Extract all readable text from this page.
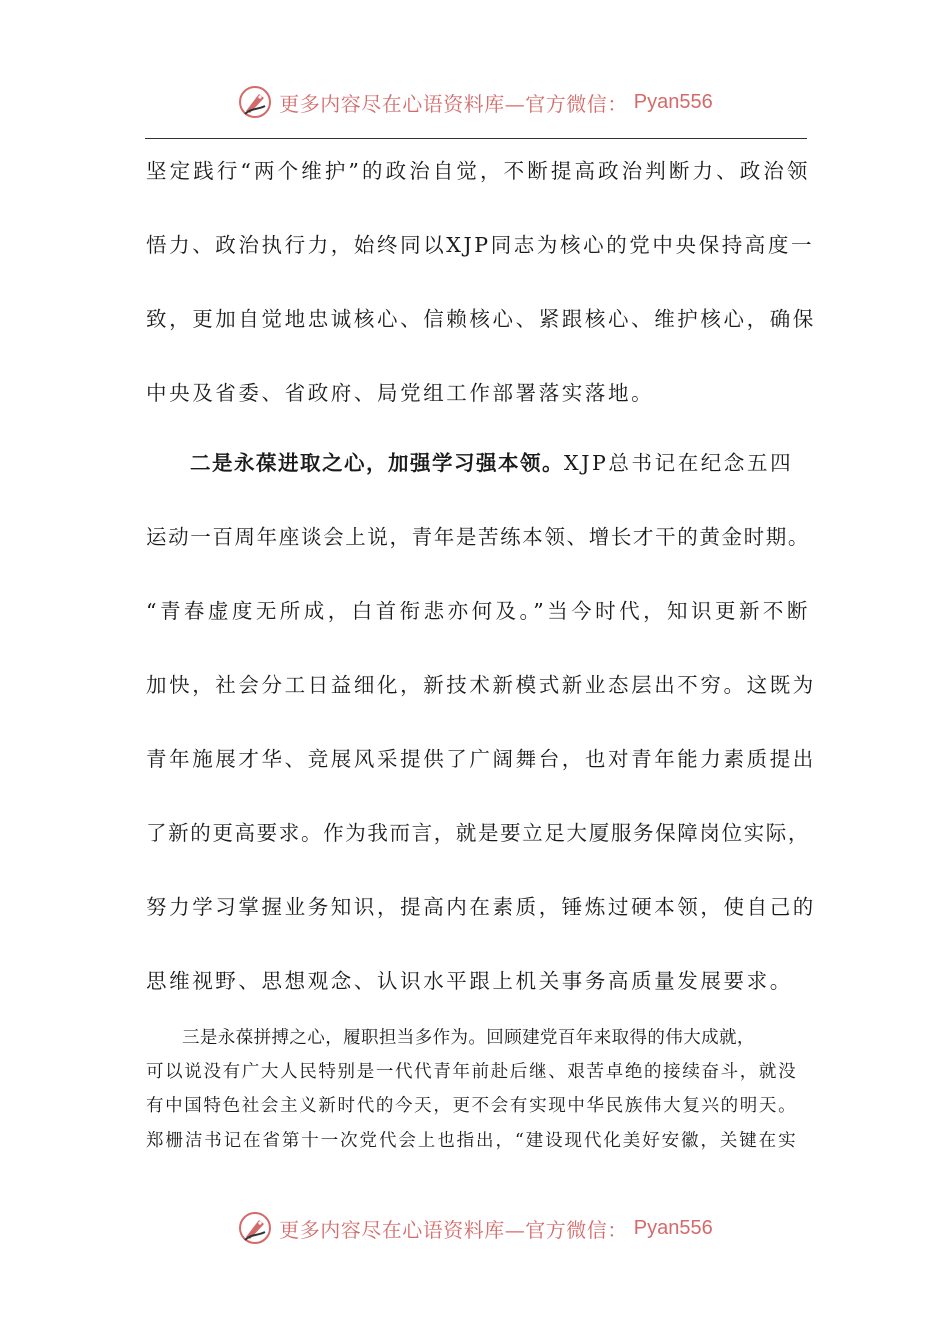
更多内容尽在心语资料库—官方微信： Pyan556
坚定践行“两个维护”的政治自觉，不断提高政治判断力、政治领
悟力、政治执行力，始终同以XJP同志为核心的党中央保持高度一
致，更加自觉地忠诚核心、信赖核心、紧跟核心、维护核心，确保
中央及省委、省政府、局党组工作部署落实落地。
二是永葆进取之心，加强学习强本领。XJP总书记在纪念五四
运动一百周年座谈会上说，青年是苦练本领、增长才干的黄金时期。
“青春虚度无所成，白首衔悲亦何及。”当今时代，知识更新不断
加快，社会分工日益细化，新技术新模式新业态层出不穷。这既为
青年施展才华、竞展风采提供了广阔舞台，也对青年能力素质提出
了新的更高要求。作为我而言，就是要立足大厦服务保障岗位实际，
努力学习掌握业务知识，提高内在素质，锤炼过硬本领，使自己的
思维视野、思想观念、认识水平跟上机关事务高质量发展要求。
三是永葆拼搏之心，履职担当多作为。回顾建党百年来取得的伟大成就，
可以说没有广大人民特别是一代代青年前赴后继、艰苦卓绝的接续奋斗，就没
有中国特色社会主义新时代的今天，更不会有实现中华民族伟大复兴的明天。
郑栅洁书记在省第十一次党代会上也指出，“建设现代化美好安徽，关键在实
更多内容尽在心语资料库—官方微信： Pyan556
